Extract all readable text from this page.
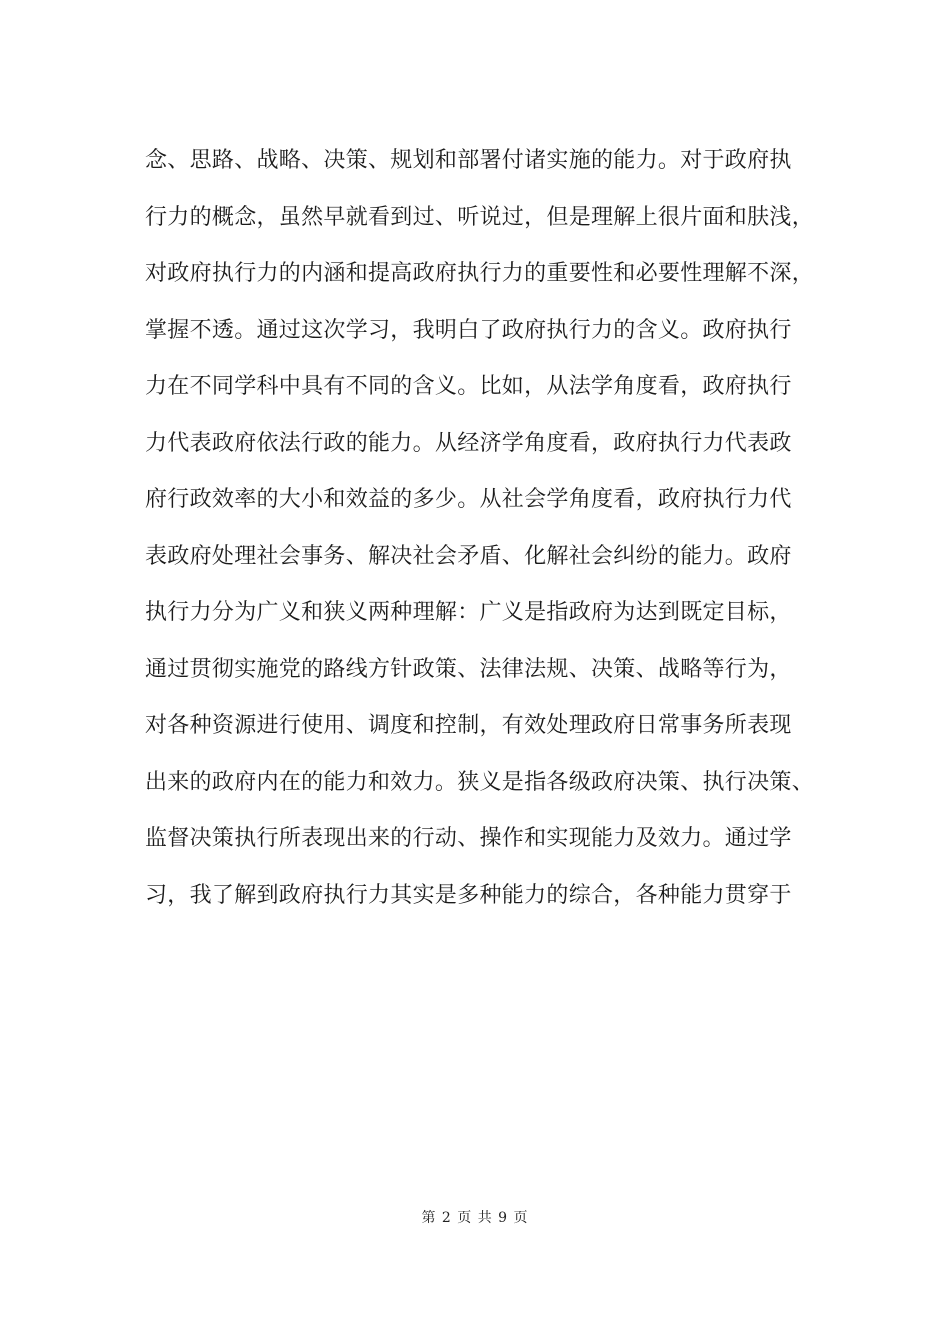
念、思路、战略、决策、规划和部署付诸实施的能力。对于政府执
行力的概念，虽然早就看到过、听说过，但是理解上很片面和肤浅，
对政府执行力的内涵和提高政府执行力的重要性和必要性理解不深，
掌握不透。通过这次学习，我明白了政府执行力的含义。政府执行
力在不同学科中具有不同的含义。比如，从法学角度看，政府执行
力代表政府依法行政的能力。从经济学角度看，政府执行力代表政
府行政效率的大小和效益的多少。从社会学角度看，政府执行力代
表政府处理社会事务、解决社会矛盾、化解社会纠纷的能力。政府
执行力分为广义和狭义两种理解：广义是指政府为达到既定目标，
通过贯彻实施党的路线方针政策、法律法规、决策、战略等行为，
对各种资源进行使用、调度和控制，有效处理政府日常事务所表现
出来的政府内在的能力和效力。狭义是指各级政府决策、执行决策、
监督决策执行所表现出来的行动、操作和实现能力及效力。通过学
习，我了解到政府执行力其实是多种能力的综合，各种能力贯穿于
第 2 页 共 9 页
